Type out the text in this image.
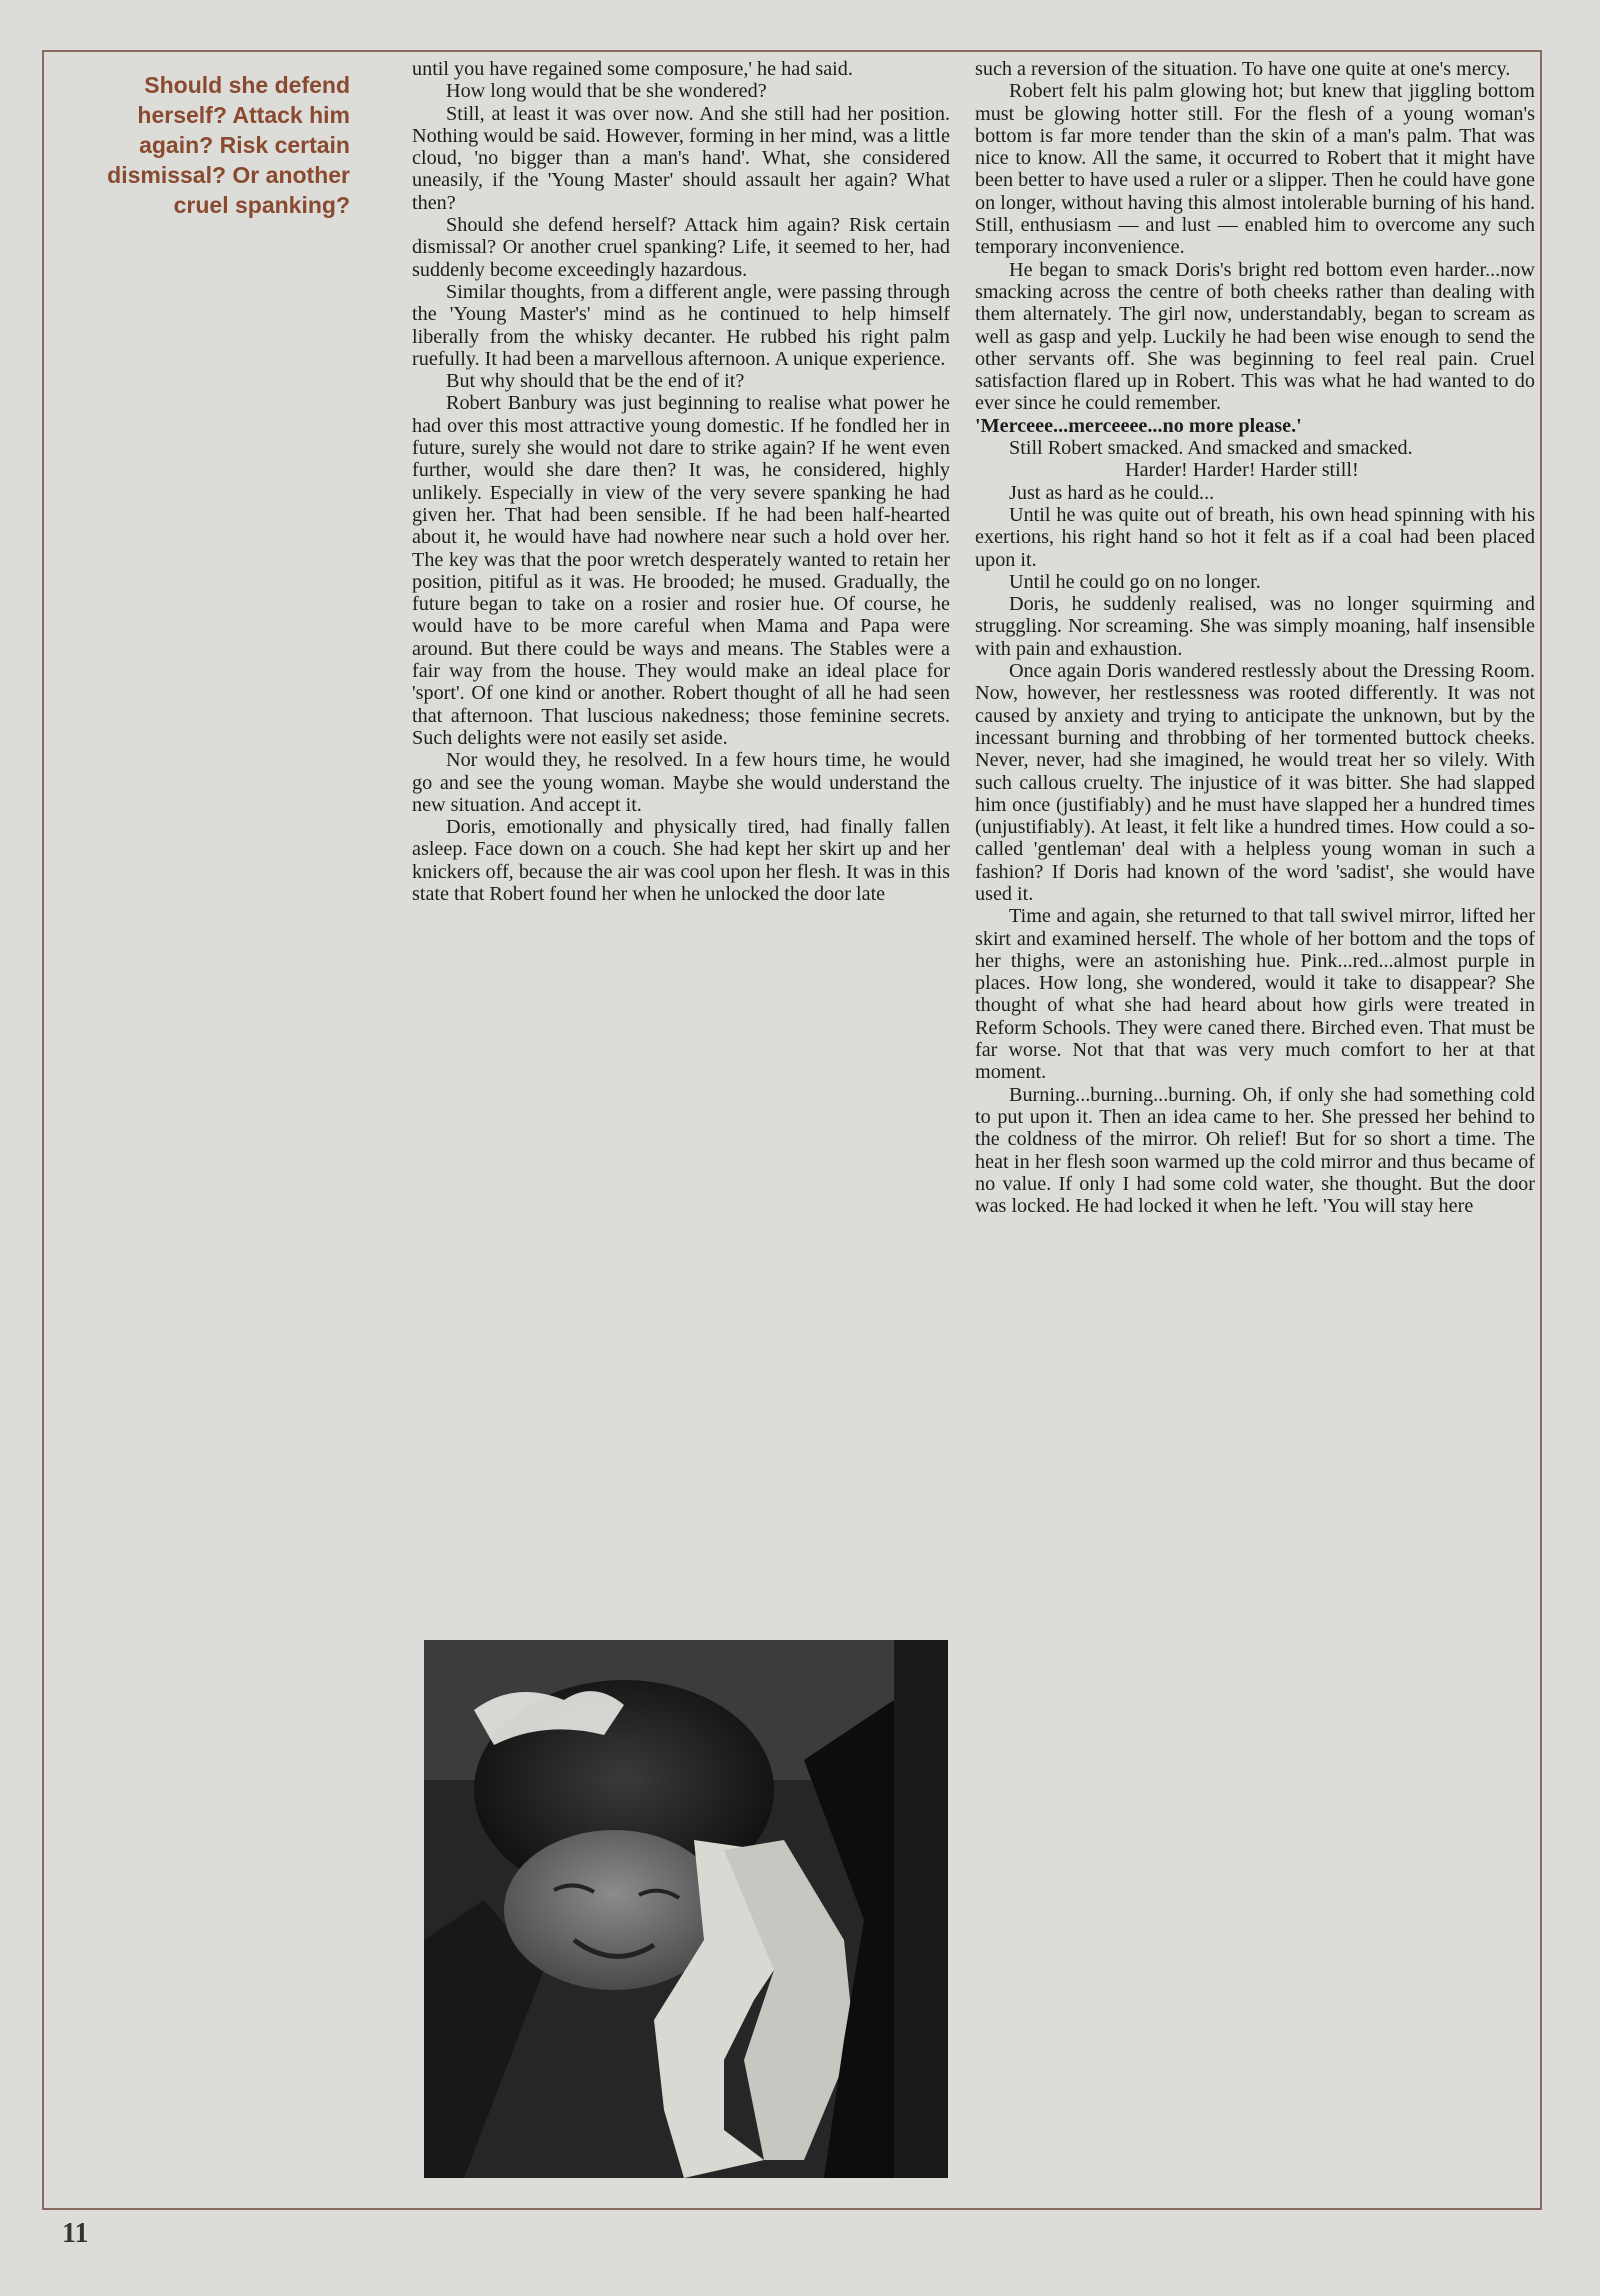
Should she defend herself? Attack him again? Risk certain dismissal? Or another cruel spanking?

until you have regained some composure,' he had said.

How long would that be she wondered?

Still, at least it was over now. And she still had her position. Nothing would be said. However, forming in her mind, was a little cloud, 'no bigger than a man's hand'. What, she considered uneasily, if the 'Young Master' should assault her again? What then?

Should she defend herself? Attack him again? Risk certain dismissal? Or another cruel spanking? Life, it seemed to her, had suddenly become exceedingly hazardous.

Similar thoughts, from a different angle, were passing through the 'Young Master's' mind as he continued to help himself liberally from the whisky decanter. He rubbed his right palm ruefully. It had been a marvellous afternoon. A unique experience.

But why should that be the end of it?

Robert Banbury was just beginning to realise what power he had over this most attractive young domestic. If he fondled her in future, surely she would not dare to strike again? If he went even further, would she dare then? It was, he considered, highly unlikely. Especially in view of the very severe spanking he had given her. That had been sensible. If he had been half-hearted about it, he would have had nowhere near such a hold over her. The key was that the poor wretch desperately wanted to retain her position, pitiful as it was. He brooded; he mused. Gradually, the future began to take on a rosier and rosier hue. Of course, he would have to be more careful when Mama and Papa were around. But there could be ways and means. The Stables were a fair way from the house. They would make an ideal place for 'sport'. Of one kind or another. Robert thought of all he had seen that afternoon. That luscious nakedness; those feminine secrets. Such delights were not easily set aside.

Nor would they, he resolved. In a few hours time, he would go and see the young woman. Maybe she would understand the new situation. And accept it.

Doris, emotionally and physically tired, had finally fallen asleep. Face down on a couch. She had kept her skirt up and her knickers off, because the air was cool upon her flesh. It was in this state that Robert found her when he unlocked the door late

such a reversion of the situation. To have one quite at one's mercy.

Robert felt his palm glowing hot; but knew that jiggling bottom must be glowing hotter still. For the flesh of a young woman's bottom is far more tender than the skin of a man's palm. That was nice to know. All the same, it occurred to Robert that it might have been better to have used a ruler or a slipper. Then he could have gone on longer, without having this almost intolerable burning of his hand. Still, enthusiasm — and lust — enabled him to overcome any such temporary inconvenience.

He began to smack Doris's bright red bottom even harder...now smacking across the centre of both cheeks rather than dealing with them alternately. The girl now, understandably, began to scream as well as gasp and yelp. Luckily he had been wise enough to send the other servants off. She was beginning to feel real pain. Cruel satisfaction flared up in Robert. This was what he had wanted to do ever since he could remember.

'Merceee...merceeee...no more please.'

Still Robert smacked. And smacked and smacked.

Harder! Harder! Harder still!

Just as hard as he could...

Until he was quite out of breath, his own head spinning with his exertions, his right hand so hot it felt as if a coal had been placed upon it.

Until he could go on no longer.

Doris, he suddenly realised, was no longer squirming and struggling. Nor screaming. She was simply moaning, half insensible with pain and exhaustion.

Once again Doris wandered restlessly about the Dressing Room. Now, however, her restlessness was rooted differently. It was not caused by anxiety and trying to anticipate the unknown, but by the incessant burning and throbbing of her tormented buttock cheeks. Never, never, had she imagined, he would treat her so vilely. With such callous cruelty. The injustice of it was bitter. She had slapped him once (justifiably) and he must have slapped her a hundred times (unjustifiably). At least, it felt like a hundred times. How could a so-called 'gentleman' deal with a helpless young woman in such a fashion? If Doris had known of the word 'sadist', she would have used it.

Time and again, she returned to that tall swivel mirror, lifted her skirt and examined herself. The whole of her bottom and the tops of her thighs, were an astonishing hue. Pink...red...almost purple in places. How long, she wondered, would it take to disappear? She thought of what she had heard about how girls were treated in Reform Schools. They were caned there. Birched even. That must be far worse. Not that that was very much comfort to her at that moment.

Burning...burning...burning. Oh, if only she had something cold to put upon it. Then an idea came to her. She pressed her behind to the coldness of the mirror. Oh relief! But for so short a time. The heat in her flesh soon warmed up the cold mirror and thus became of no value. If only I had some cold water, she thought. But the door was locked. He had locked it when he left. 'You will stay here

11
